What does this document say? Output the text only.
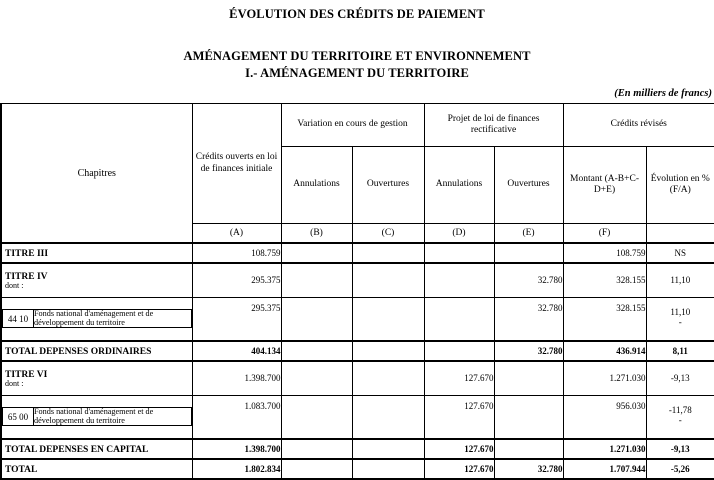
ÉVOLUTION DES CRÉDITS DE PAIEMENT
AMÉNAGEMENT DU TERRITOIRE ET ENVIRONNEMENT
I.- AMÉNAGEMENT DU TERRITOIRE
(En milliers de francs)
Chapitres	Crédits ouverts en loi de finances initiale	Variation en cours de gestion	Projet de loi de finances rectificative	Crédits révisés
Annulations	Ouvertures	Annulations	Ouvertures	Montant (A-B+C-D+E)	Évolution en % (F/A)
(A)	(B)	(C)	(D)	(E)	(F)	

TITRE III	108.759					108.759	NS

TITRE IV
dont :
	295.375				32.780	328.155	11,10

44 10	Fonds national d'aménagement et de développement du territoire
	295.375				32.780	328.155	11,10
-

TOTAL DEPENSES ORDINAIRES	404.134				32.780	436.914	8,11

TITRE VI
dont :
	1.398.700			127.670		1.271.030	-9,13

65 00	Fonds national d'aménagement et de développement du territoire
	1.083.700			127.670		956.030	-11,78
-

TOTAL DEPENSES EN CAPITAL	1.398.700			127.670		1.271.030	-9,13

TOTAL	1.802.834			127.670	32.780	1.707.944	-5,26
